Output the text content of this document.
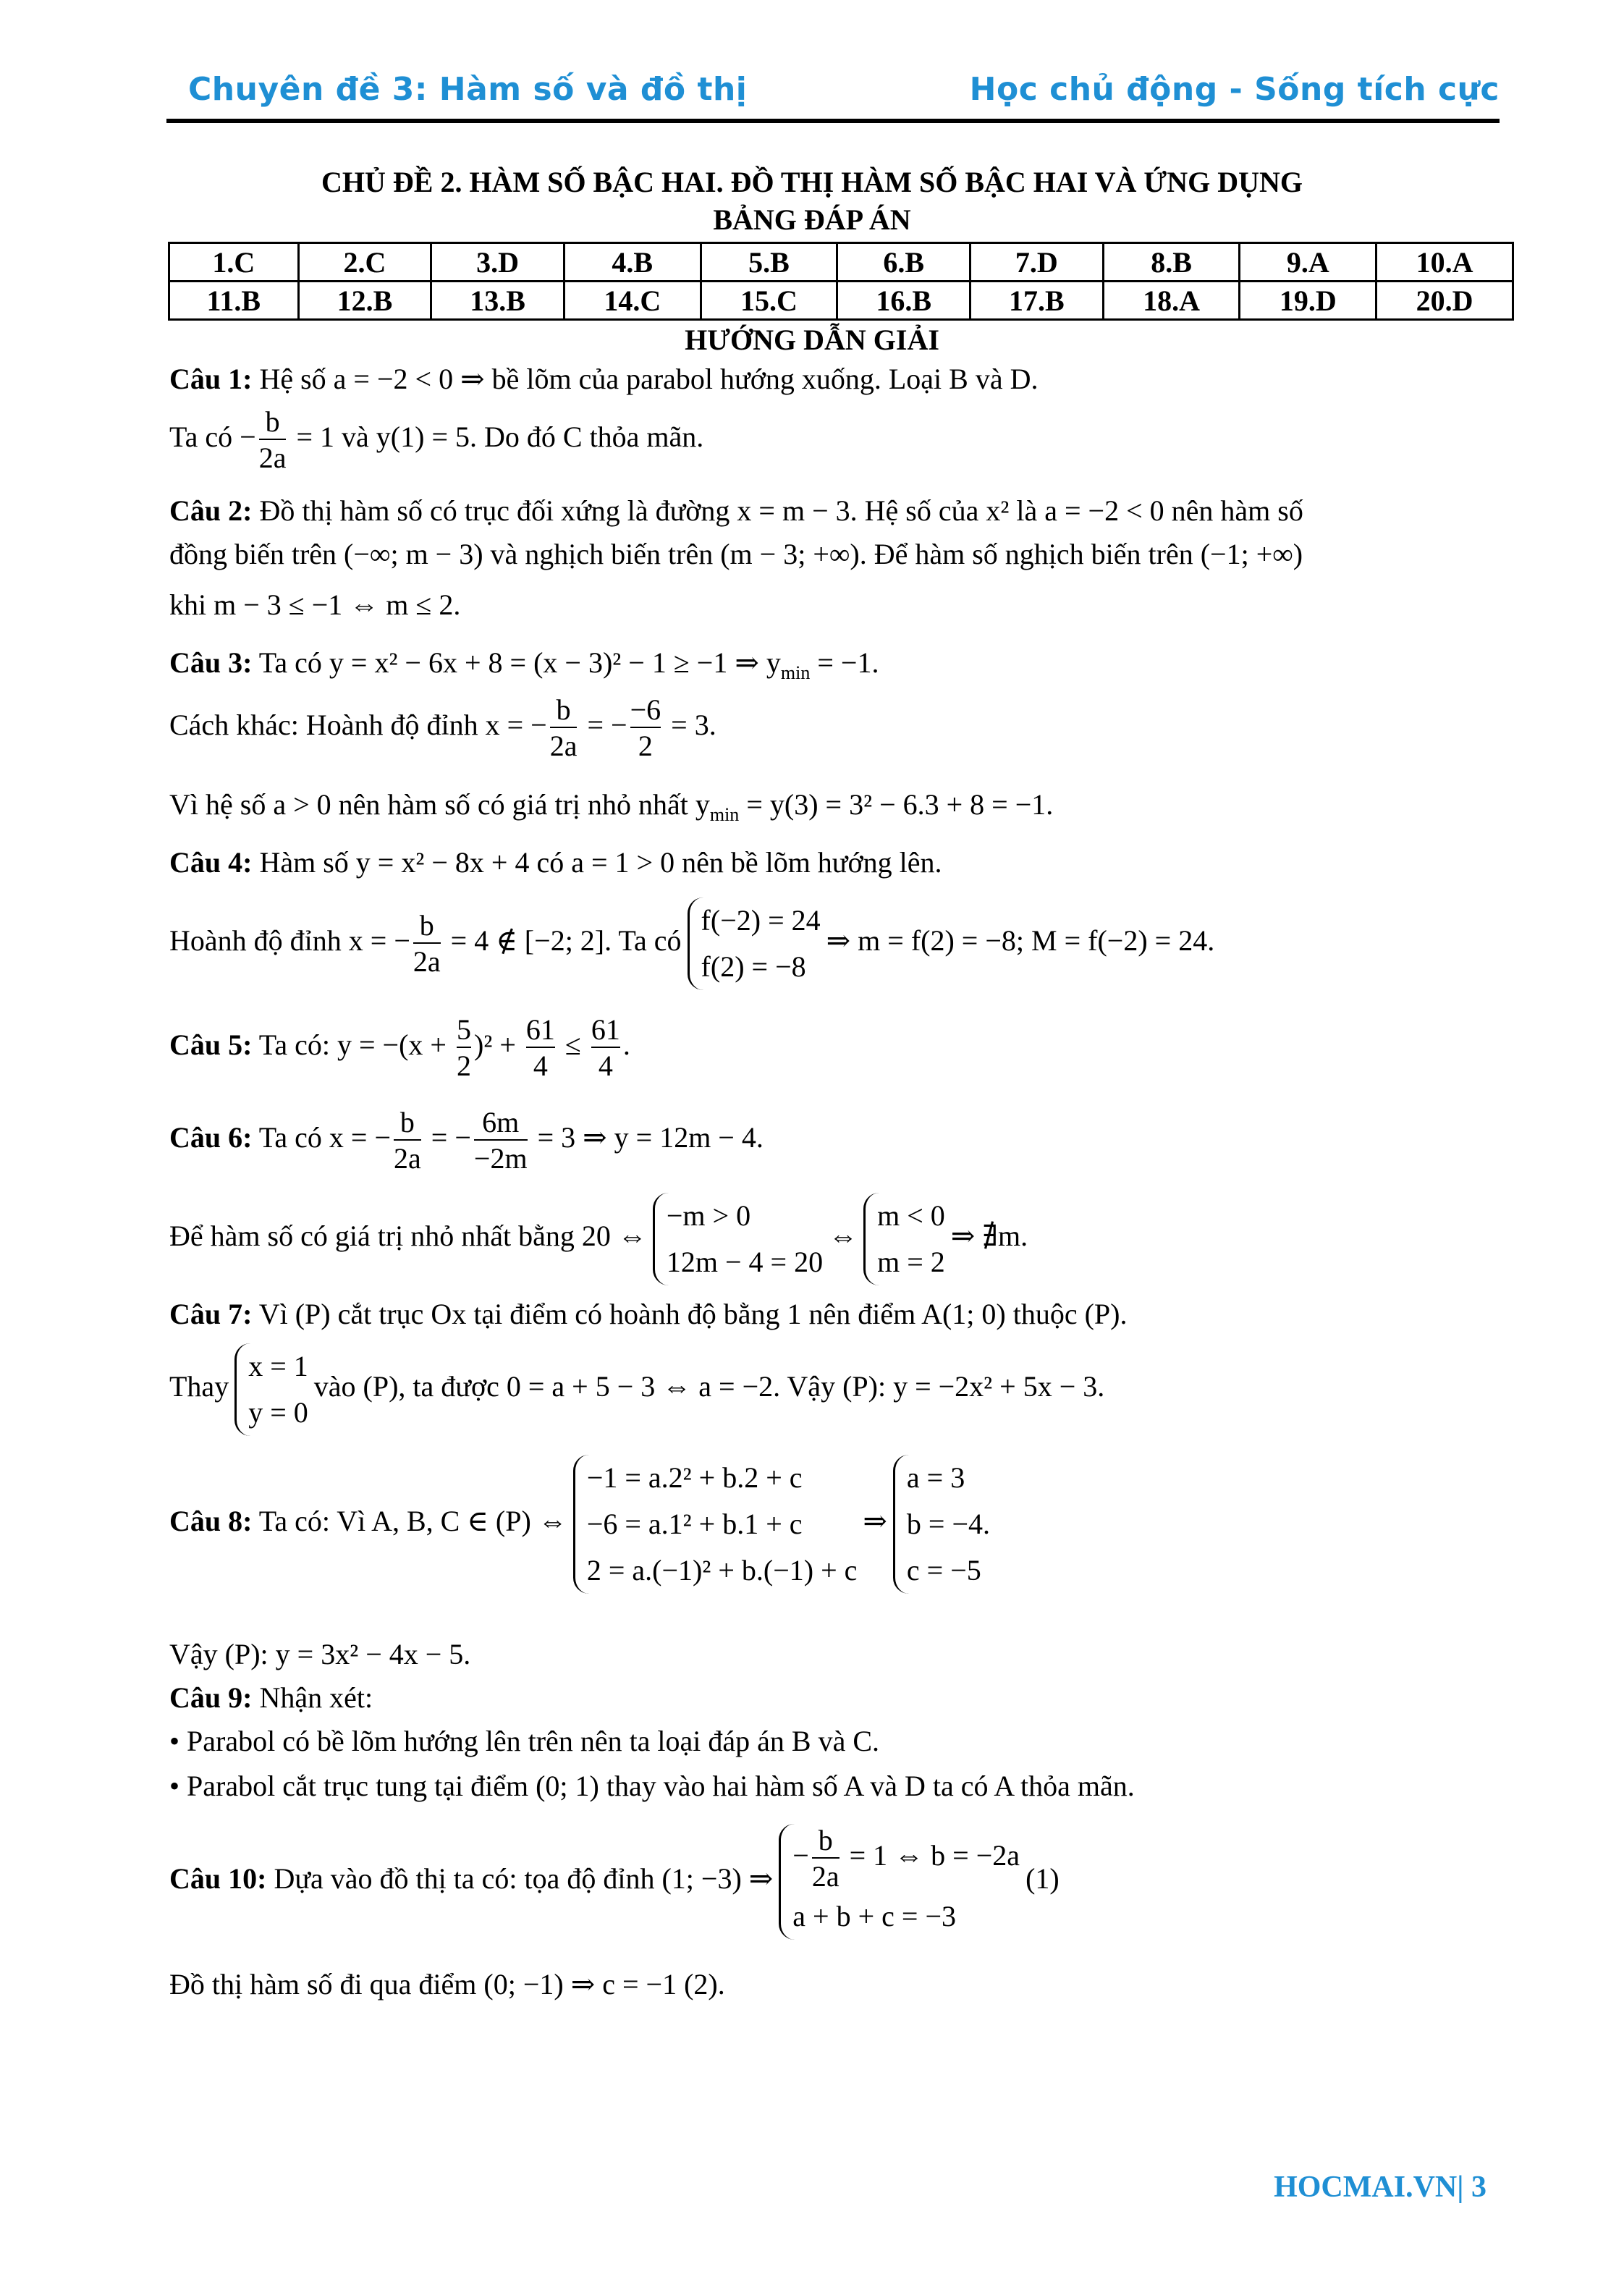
Chuyên đề 3: Hàm số và đồ thị	Học chủ động - Sống tích cực
CHỦ ĐỀ 2. HÀM SỐ BẬC HAI. ĐỒ THỊ HÀM SỐ BẬC HAI VÀ ỨNG DỤNG
BẢNG ĐÁP ÁN
1.C	2.C	3.D	4.B	5.B	6.B	7.D	8.B	9.A	10.A
11.B	12.B	13.B	14.C	15.C	16.B	17.B	18.A	19.D	20.D
HƯỚNG DẪN GIẢI
Câu 1: Hệ số a = −2 < 0 ⇒ bề lõm của parabol hướng xuống. Loại B và D.
Ta có − $\frac{b}{2a} = 1$ và y(1) = 5. Do đó C thỏa mãn.
Câu 2: Đồ thị hàm số có trục đối xứng là đường x = m − 3. Hệ số của x² là a = −2 < 0 nên hàm số
đồng biến trên (−∞; m − 3) và nghịch biến trên (m − 3; +∞). Để hàm số nghịch biến trên (−1; +∞)
khi m − 3 ≤ −1 ⇔ m ≤ 2.
Câu 3: Ta có y = x² − 6x + 8 = (x − 3)² − 1 ≥ −1 ⇒ $y_{min} = -1$.
Cách khác: Hoành độ đỉnh x = − $\frac{b}{2a}$ = − $\frac{-6}{2} = 3$.
Vì hệ số a > 0 nên hàm số có giá trị nhỏ nhất $y_{min} = y(3) = 3^2 - 6.3 + 8 = -1$.
Câu 4: Hàm số y = x² − 8x + 4 có a = 1 > 0 nên bề lõm hướng lên.
Hoành độ đỉnh x = − $\frac{b}{2a} = 4$ ∉ [−2; 2]. Ta có
f(−2) = 24
f(2) = −8
⇒ m = f(2) = −8; M = f(−2) = 24.
Câu 5: Ta có: $y = -(x + \frac{5}{2} )^2 + \frac{61}{4} \le \frac{61}{4}$ .
Câu 6: Ta có x = − $\frac{b}{2a}$ = − $\frac{6m}{-2m} = 3$ ⇒ y = 12m − 4.
Để hàm số có giá trị nhỏ nhất bằng 20 ⇔
−m > 0
12m − 4 = 20
⇔
m < 0
m = 2
⇒ ∄m.
Câu 7: Vì (P) cắt trục Ox tại điểm có hoành độ bằng 1 nên điểm A(1; 0) thuộc (P).
Thay
x = 1
y = 0
vào (P), ta được 0 = a + 5 − 3 ⇔ a = −2. Vậy (P): y = −2x² + 5x − 3.
Câu 8: Ta có: Vì A, B, C ∈ (P) ⇔
−1 = a.2² + b.2 + c
−6 = a.1² + b.1 + c
2 = a.(−1)² + b.(−1) + c
⇒
a = 3
b = −4.
c = −5
Vậy (P): y = 3x² − 4x − 5.
Câu 9: Nhận xét:
• Parabol có bề lõm hướng lên trên nên ta loại đáp án B và C.
• Parabol cắt trục tung tại điểm (0; 1) thay vào hai hàm số A và D ta có A thỏa mãn.
Câu 10: Dựa vào đồ thị ta có: tọa độ đỉnh (1; −3) ⇒
− $\frac{b}{2a} = 1$ ⇔ b = −2a
a + b + c = −3
(1)
Đồ thị hàm số đi qua điểm (0; −1) ⇒ c = −1 (2).
HOCMAI.VN| 3
